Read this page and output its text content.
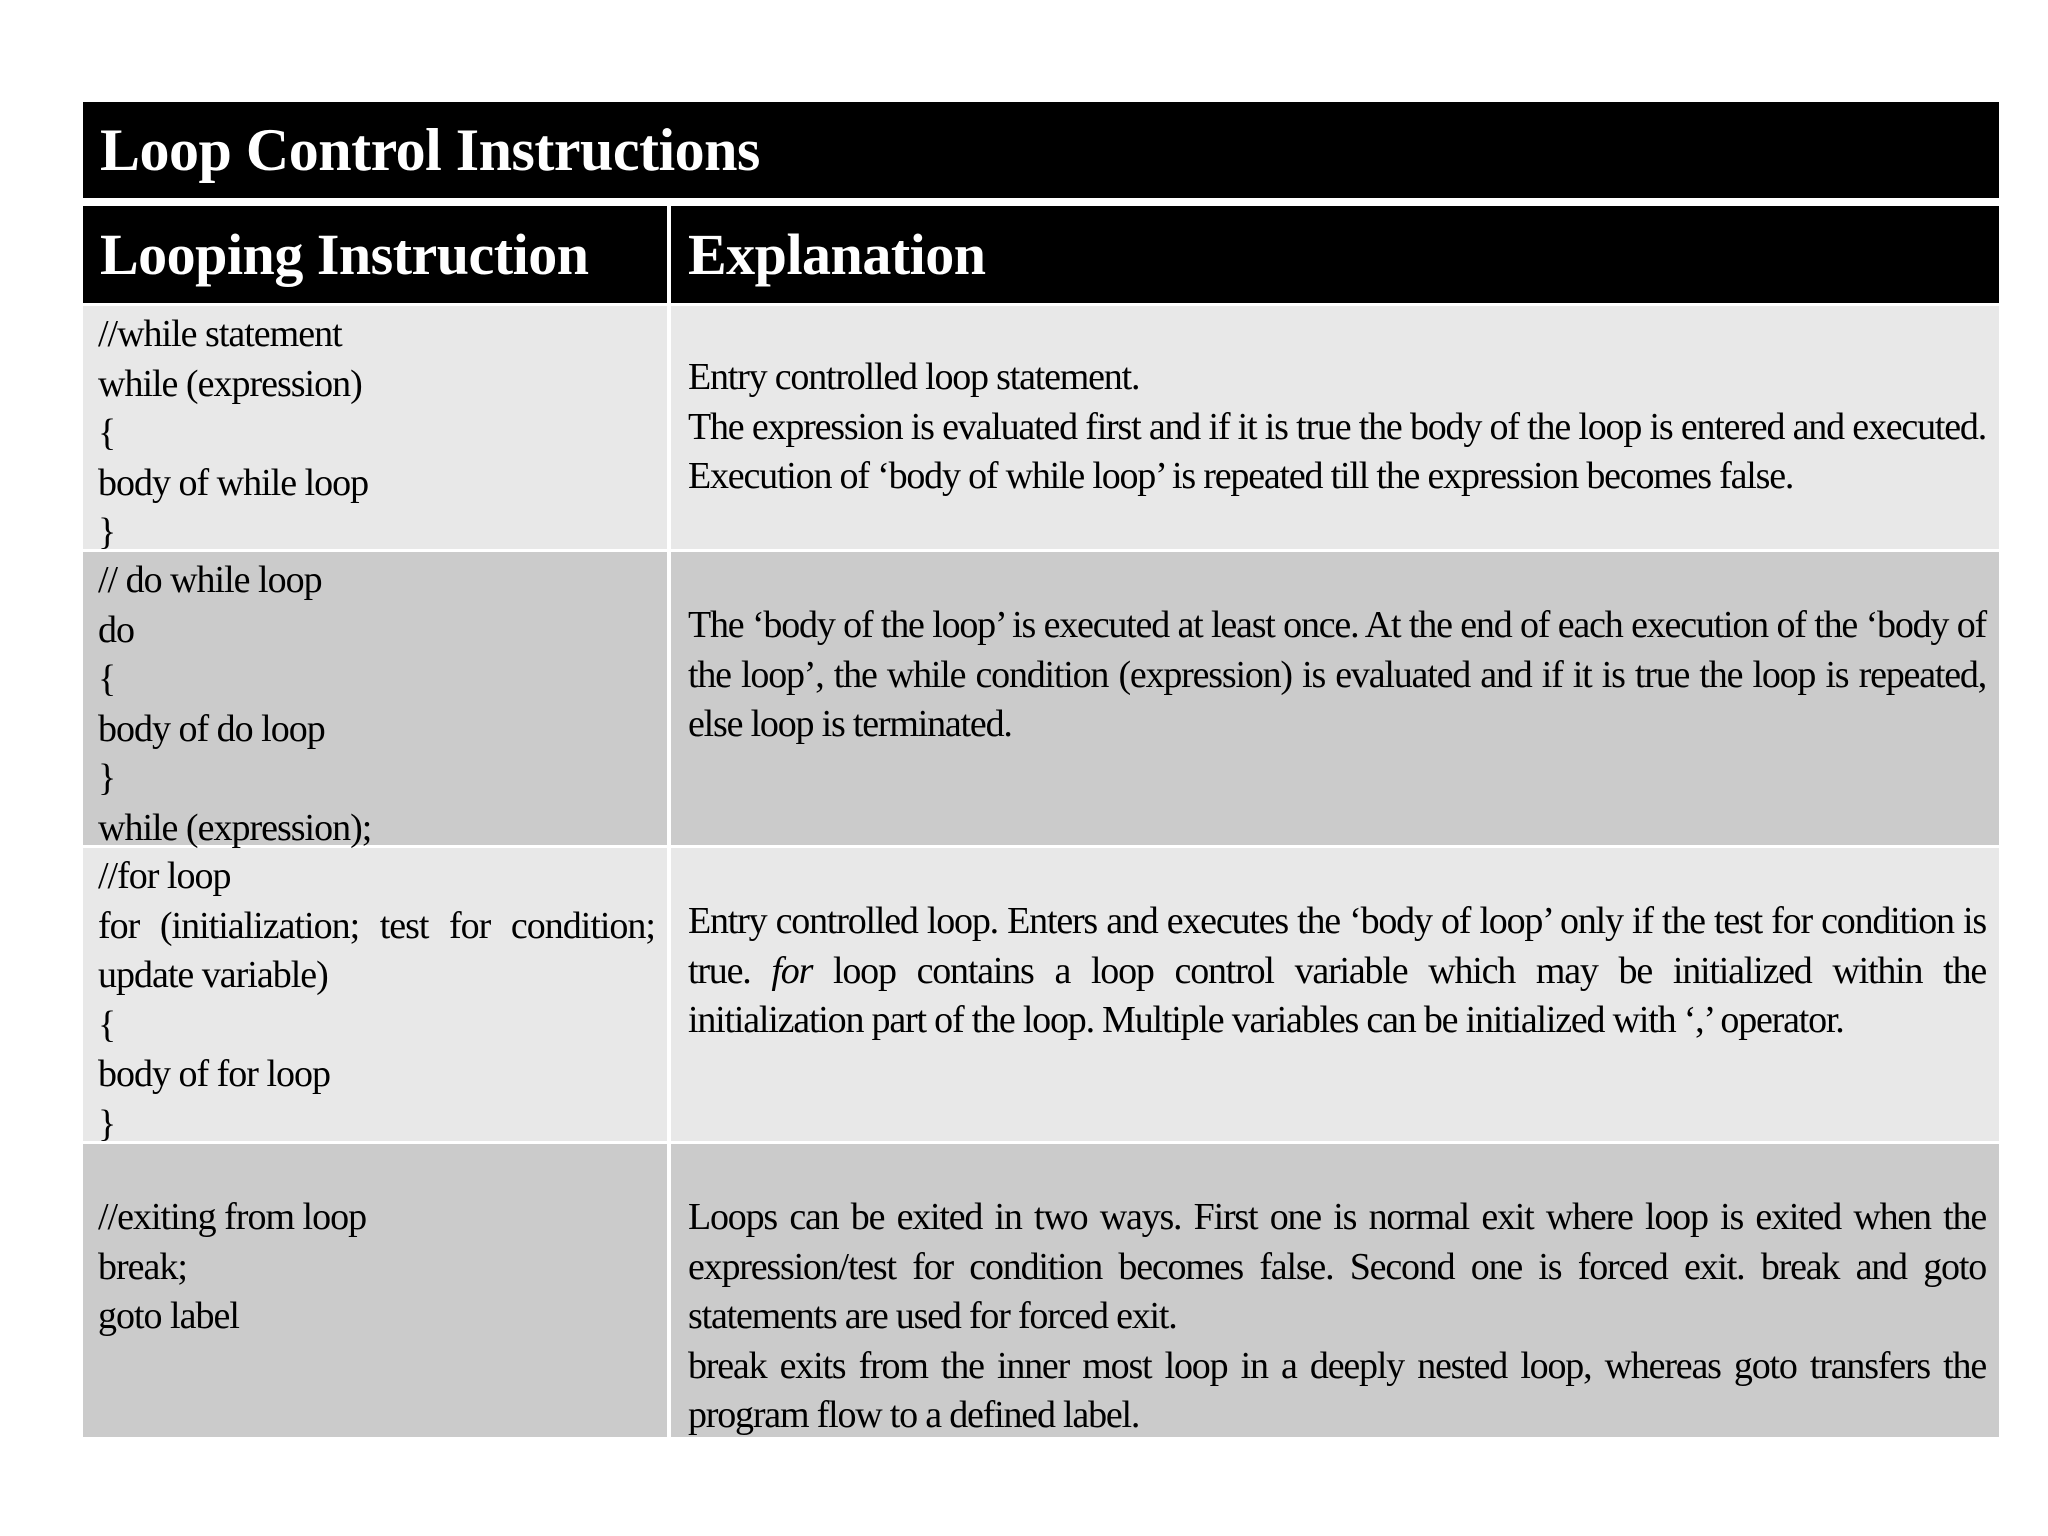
Loop Control Instructions
Looping Instruction	Explanation
//while statement
while (expression)
{
body of while loop
}

Entry controlled loop statement.

The expression is evaluated first and if it is true the body of the loop is entered and executed. Execution of ‘body of while loop’ is repeated till the expression becomes false.

// do while loop
do
{
body of do loop
}
while (expression);

The ‘body of the loop’ is executed at least once. At the end of each execution of the ‘body of the loop’, the while condition (expression) is evaluated and if it is true the loop is repeated, else loop is terminated.

//for loop
for (initialization; test for condition;
update variable)
{
body of for loop
}

Entry controlled loop. Enters and executes the ‘body of loop’ only if the test for condition is true. for loop contains a loop control variable which may be initialized within the initialization part of the loop. Multiple variables can be initialized with ‘,’ operator.

//exiting from loop
break;
goto label

Loops can be exited in two ways. First one is normal exit where loop is exited when the expression/test for condition becomes false. Second one is forced exit. break and goto statements are used for forced exit.

break exits from the inner most loop in a deeply nested loop, whereas goto transfers the program flow to a defined label.
